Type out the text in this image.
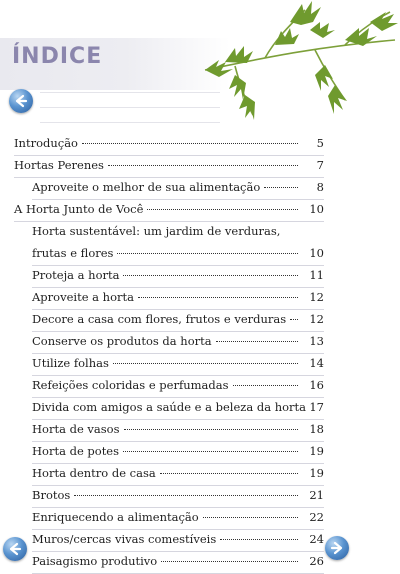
ÍNDICE
Introdução	5
Hortas Perenes	7
Aproveite o melhor de sua alimentação	8
A Horta Junto de Você	10
Horta sustentável: um jardim de verduras,
frutas e flores	10
Proteja a horta	11
Aproveite a horta	12
Decore a casa com flores, frutos e verduras 12
Conserve os produtos da horta	13
Utilize folhas	14
Refeições coloridas e perfumadas	16
Divida com amigos a saúde e a beleza da horta 17
Horta de vasos	18
Horta de potes	19
Horta dentro de casa	19
Brotos	21
Enriquecendo a alimentação	22
Muros/cercas vivas comestíveis	24
Paisagismo produtivo	26
